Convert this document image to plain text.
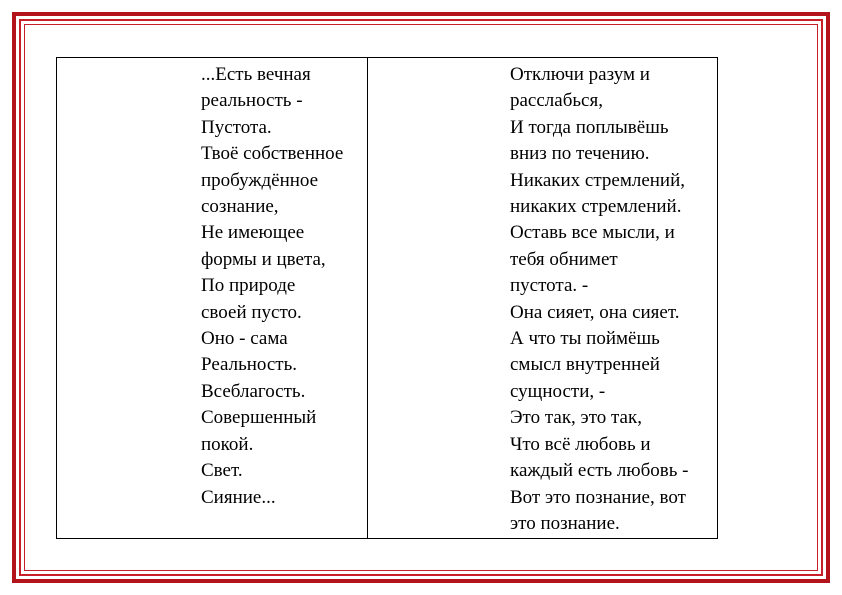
...Есть вечная
реальность -
Пустота.
Твоё собственное
пробуждённое
сознание,
Не имеющее
формы и цвета,
По природе
своей пусто.
Оно - сама
Реальность.
Всеблагость.
Совершенный
покой.
Свет.
Сияние...
Отключи разум и
расслабься,
И тогда поплывёшь
вниз по течению.
Никаких стремлений,
никаких стремлений.
Оставь все мысли, и
тебя обнимет
пустота. -
Она сияет, она сияет.
А что ты поймёшь
смысл внутренней
сущности, -
Это так, это так,
Что всё любовь и
каждый есть любовь -
Вот это познание, вот
это познание.
